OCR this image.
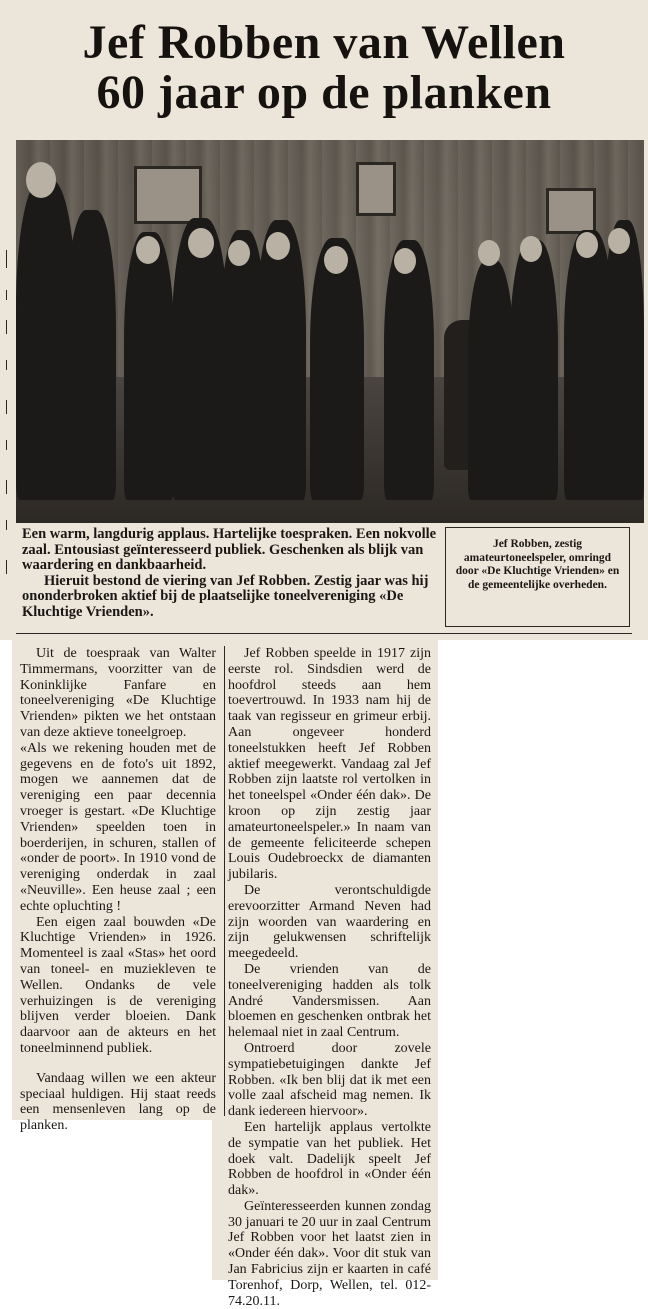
Jef Robben van Wellen
60 jaar op de planken

Een warm, langdurig applaus. Hartelijke toespraken. Een nokvolle zaal. Entousiast geïnteresseerd publiek. Geschenken als blijk van waardering en dankbaarheid.

Hieruit bestond de viering van Jef Robben. Zestig jaar was hij ononderbroken aktief bij de plaatselijke toneelvereniging «De Kluchtige Vrienden».

Jef Robben, zestig amateurtoneelspeler, omringd door «De Kluchtige Vrienden» en de gemeentelijke overheden.

Uit de toespraak van Walter Timmermans, voorzitter van de Koninklijke Fanfare en toneelvereniging «De Kluchtige Vrienden» pikten we het ontstaan van deze aktieve toneelgroep.

«Als we rekening houden met de gegevens en de foto's uit 1892, mogen we aannemen dat de vereniging een paar decennia vroeger is gestart. «De Kluchtige Vrienden» speelden toen in boerderijen, in schuren, stallen of «onder de poort». In 1910 vond de vereniging onderdak in zaal «Neuville». Een heuse zaal ; een echte opluchting !

Een eigen zaal bouwden «De Kluchtige Vrienden» in 1926. Momenteel is zaal «Stas» het oord van toneel- en muziekleven te Wellen. Ondanks de vele verhuizingen is de vereniging blijven verder bloeien. Dank daarvoor aan de akteurs en het toneelminnend publiek.

Vandaag willen we een akteur speciaal huldigen. Hij staat reeds een mensenleven lang op de planken.

Jef Robben speelde in 1917 zijn eerste rol. Sindsdien werd de hoofdrol steeds aan hem toevertrouwd. In 1933 nam hij de taak van regisseur en grimeur erbij. Aan ongeveer honderd toneelstukken heeft Jef Robben aktief meegewerkt. Vandaag zal Jef Robben zijn laatste rol vertolken in het toneelspel «Onder één dak». De kroon op zijn zestig jaar amateurtoneelspeler.» In naam van de gemeente feliciteerde schepen Louis Oudebroeckx de diamanten jubilaris.

De verontschuldigde erevoorzitter Armand Neven had zijn woorden van waardering en zijn gelukwensen schriftelijk meegedeeld.

De vrienden van de toneelvereniging hadden als tolk André Vandersmissen. Aan bloemen en geschenken ontbrak het helemaal niet in zaal Centrum.

Ontroerd door zovele sympatiebetuigingen dankte Jef Robben. «Ik ben blij dat ik met een volle zaal afscheid mag nemen. Ik dank iedereen hiervoor».

Een hartelijk applaus vertolkte de sympatie van het publiek. Het doek valt. Dadelijk speelt Jef Robben de hoofdrol in «Onder één dak».

Geïnteresseerden kunnen zondag 30 januari te 20 uur in zaal Centrum Jef Robben voor het laatst zien in «Onder één dak». Voor dit stuk van Jan Fabricius zijn er kaarten in café Torenhof, Dorp, Wellen, tel. 012-74.20.11.
